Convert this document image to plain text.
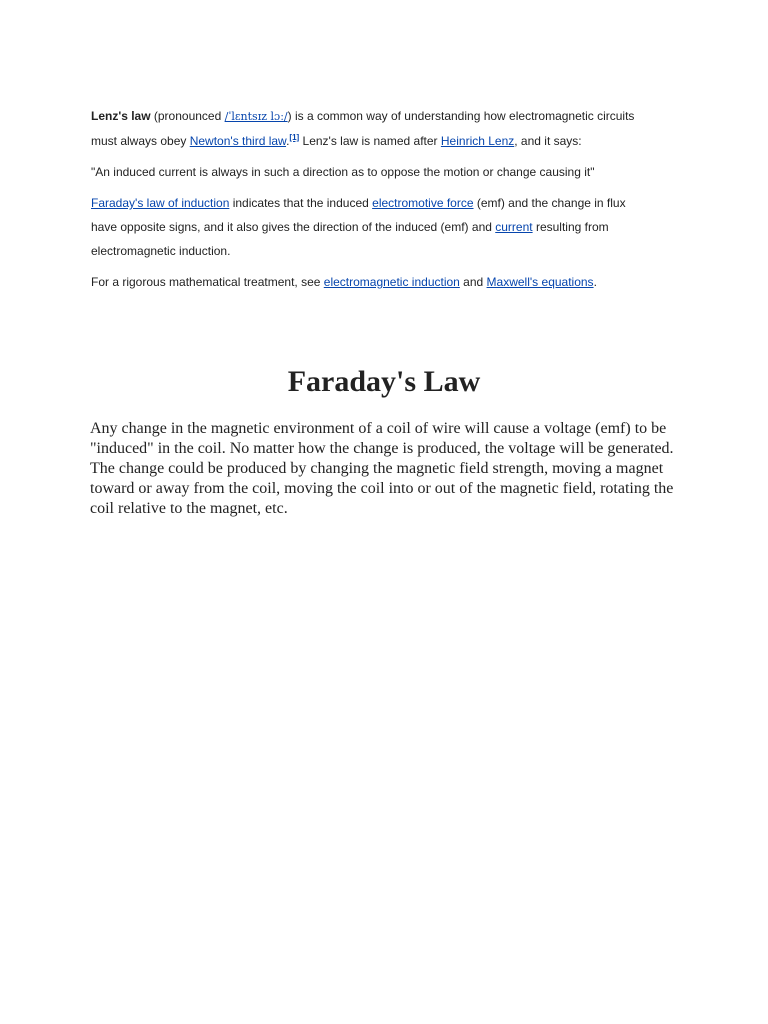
Lenz's law (pronounced /ˈlɛntsɪz lɔː/) is a common way of understanding how electromagnetic circuits must always obey Newton's third law.[1] Lenz's law is named after Heinrich Lenz, and it says:

"An induced current is always in such a direction as to oppose the motion or change causing it"

Faraday's law of induction indicates that the induced electromotive force (emf) and the change in flux have opposite signs, and it also gives the direction of the induced (emf) and current resulting from electromagnetic induction.

For a rigorous mathematical treatment, see electromagnetic induction and Maxwell's equations.

Faraday's Law

Any change in the magnetic environment of a coil of wire will cause a voltage (emf) to be "induced" in the coil. No matter how the change is produced, the voltage will be generated. The change could be produced by changing the magnetic field strength, moving a magnet toward or away from the coil, moving the coil into or out of the magnetic field, rotating the coil relative to the magnet, etc.
